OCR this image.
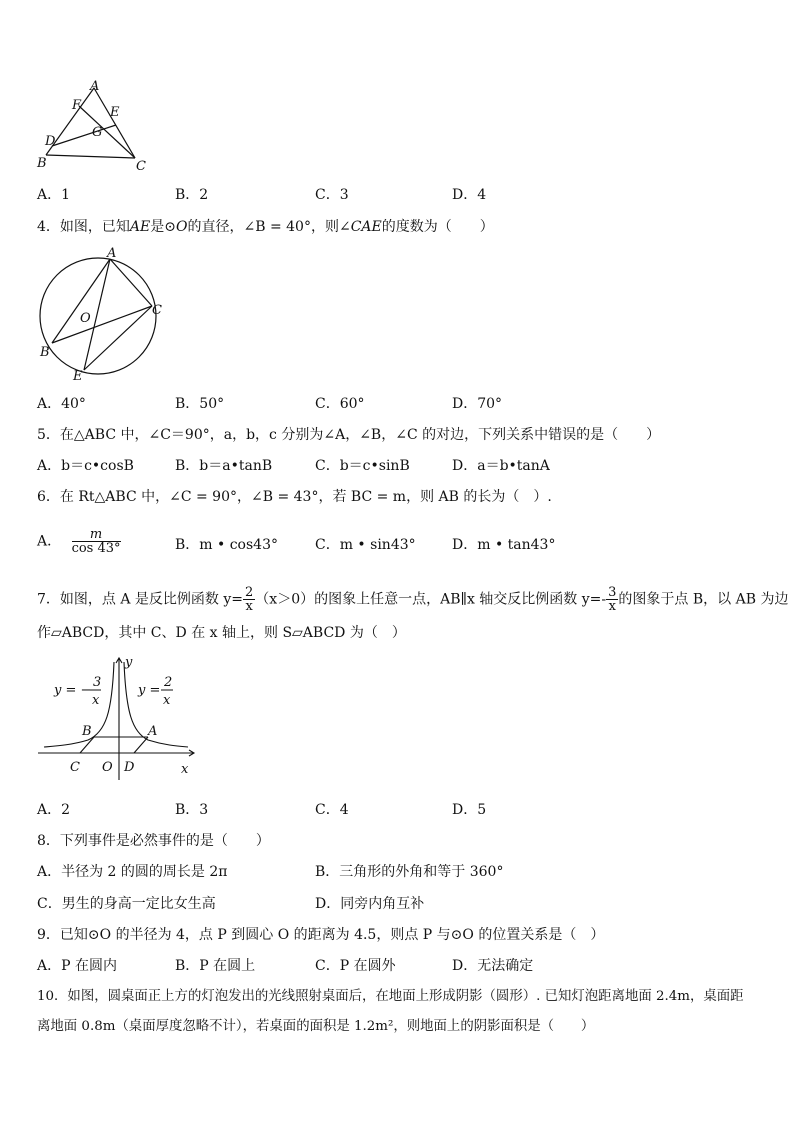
A
F E
G
D
B	C
A．1	B．2	C．3	D．4
4．如图，已知AE是⊙O的直径，∠B = 40°，则∠CAE的度数为（　　）
A
C
O
B
E
A．40°	B．50°	C．60°	D．70°
5．在△ABC 中，∠C＝90°，a，b，c 分别为∠A，∠B，∠C 的对边，下列关系中错误的是（　　）
A．b＝c•cosB	B．b＝a•tanB	C．b＝c•sinB	D．a＝b•tanA
6．在 Rt△ABC 中，∠C = 90°，∠B = 43°，若 BC = m，则 AB 的长为（　）.
A． $\frac{m}{\cos 43^\circ}$	B．m • cos43°	C．m • sin43°	D．m • tan43°
7．如图，点 A 是反比例函数 $y= \frac{2}{x} (x>0)$的图象上任意一点，AB∥x 轴交反比例函数 $y=- \frac{3}{x}$ 的图象于点 B，以 AB 为边
作▱ABCD，其中 C、D 在 x 轴上，则 S▱ABCD 为（　）
y = −
3
x
y =
2
x
y
x
B	A
C O D
A．2	B．3	C．4	D．5
8．下列事件是必然事件的是（　　）
A．半径为 2 的圆的周长是 2π	B．三角形的外角和等于 360°
C．男生的身高一定比女生高	D．同旁内角互补
9．已知⊙O 的半径为 4，点 P 到圆心 O 的距离为 4.5，则点 P 与⊙O 的位置关系是（　）
A．P 在圆内	B．P 在圆上	C．P 在圆外	D．无法确定
10．如图，圆桌面正上方的灯泡发出的光线照射桌面后，在地面上形成阴影（圆形）. 已知灯泡距离地面 2.4m，桌面距
离地面 0.8m（桌面厚度忽略不计），若桌面的面积是 1.2m²，则地面上的阴影面积是（　　）
